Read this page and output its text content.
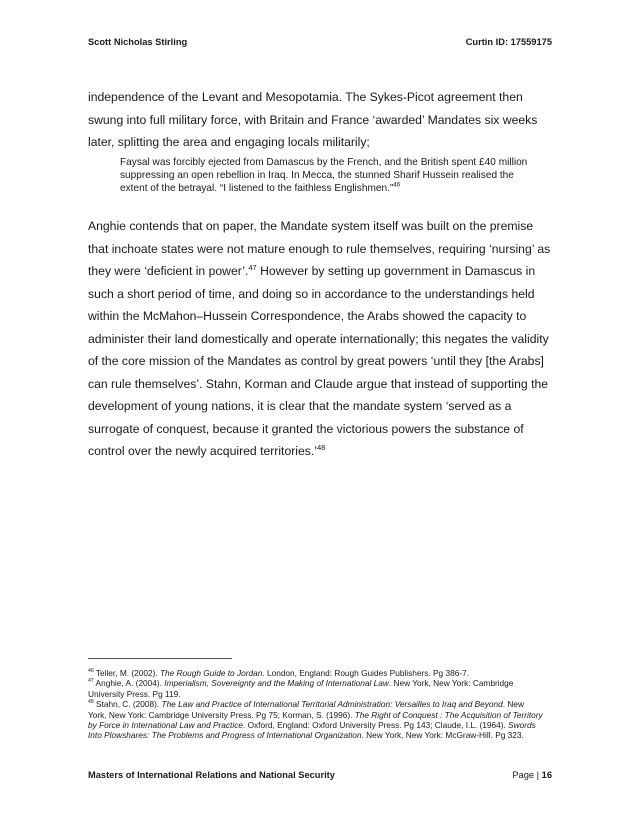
Scott Nicholas Stirling	Curtin ID: 17559175

independence of the Levant and Mesopotamia. The Sykes-Picot agreement then swung into full military force, with Britain and France ‘awarded’ Mandates six weeks later, splitting the area and engaging locals militarily;

Faysal was forcibly ejected from Damascus by the French, and the British spent £40 million suppressing an open rebellion in Iraq. In Mecca, the stunned Sharif Hussein realised the extent of the betrayal. “I listened to the faithless Englishmen.”$^{46}$

Anghie contends that on paper, the Mandate system itself was built on the premise that inchoate states were not mature enough to rule themselves, requiring ‘nursing’ as they were ‘deficient in power’.$^{47}$ However by setting up government in Damascus in such a short period of time, and doing so in accordance to the understandings held within the McMahon–Hussein Correspondence, the Arabs showed the capacity to administer their land domestically and operate internationally; this negates the validity of the core mission of the Mandates as control by great powers ‘until they [the Arabs] can rule themselves’. Stahn, Korman and Claude argue that instead of supporting the development of young nations, it is clear that the mandate system ‘served as a surrogate of conquest, because it granted the victorious powers the substance of control over the newly acquired territories.’$^{48}$

$^{46}$ Teller, M. (2002). The Rough Guide to Jordan. London, England: Rough Guides Publishers. Pg 386-7.

$^{47}$ Anghie, A. (2004). Imperialism, Sovereignty and the Making of International Law. New York, New York: Cambridge University Press. Pg 119.

$^{48}$ Stahn, C. (2008). The Law and Practice of International Territorial Administration: Versailles to Iraq and Beyond. New York, New York: Cambridge University Press. Pg 75; Korman, S. (1996). The Right of Conquest : The Acquisition of Territory by Force in International Law and Practice. Oxford, England: Oxford University Press. Pg 143; Claude, I.L. (1964). Swords Into Plowshares: The Problems and Progress of International Organization. New York, New York: McGraw-Hill. Pg 323.

Masters of International Relations and National Security	Page | 16
